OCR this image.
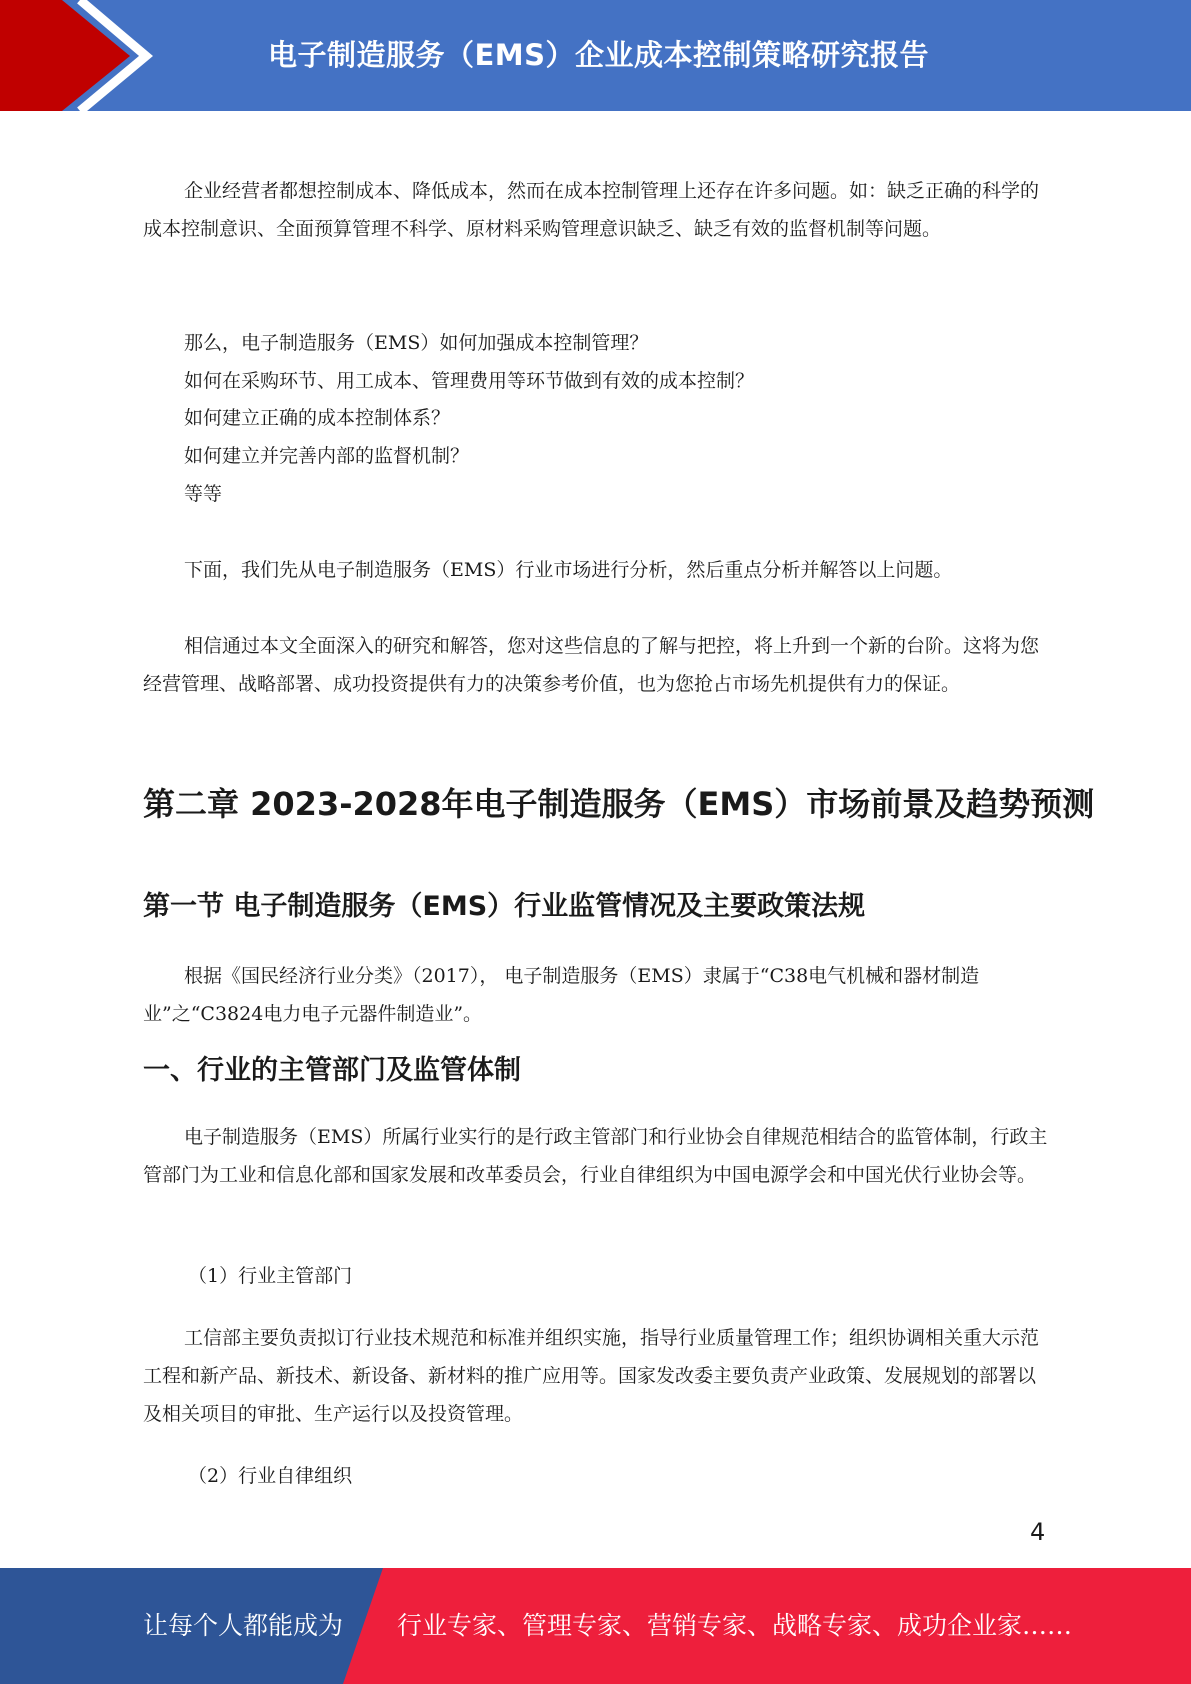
电子制造服务（EMS）企业成本控制策略研究报告

企业经营者都想控制成本、降低成本，然而在成本控制管理上还存在许多问题。如：缺乏正确的科学的成本控制意识、全面预算管理不科学、原材料采购管理意识缺乏、缺乏有效的监督机制等问题。

那么，电子制造服务（EMS）如何加强成本控制管理？

如何在采购环节、用工成本、管理费用等环节做到有效的成本控制？

如何建立正确的成本控制体系？

如何建立并完善内部的监督机制？

等等

下面，我们先从电子制造服务（EMS）行业市场进行分析，然后重点分析并解答以上问题。

相信通过本文全面深入的研究和解答，您对这些信息的了解与把控，将上升到一个新的台阶。这将为您经营管理、战略部署、成功投资提供有力的决策参考价值，也为您抢占市场先机提供有力的保证。

第二章 2023-2028年电子制造服务（EMS）市场前景及趋势预测
第一节 电子制造服务（EMS）行业监管情况及主要政策法规

根据《国民经济行业分类》（2017）， 电子制造服务（EMS）隶属于“C38电气机械和器材制造业”之“C3824电力电子元器件制造业”。

一、行业的主管部门及监管体制

电子制造服务（EMS）所属行业实行的是行政主管部门和行业协会自律规范相结合的监管体制，行政主管部门为工业和信息化部和国家发展和改革委员会，行业自律组织为中国电源学会和中国光伏行业协会等。

（1）行业主管部门

工信部主要负责拟订行业技术规范和标准并组织实施，指导行业质量管理工作；组织协调相关重大示范工程和新产品、新技术、新设备、新材料的推广应用等。国家发改委主要负责产业政策、发展规划的部署以及相关项目的审批、生产运行以及投资管理。

（2）行业自律组织

4
让每个人都能成为 行业专家、管理专家、营销专家、战略专家、成功企业家……
